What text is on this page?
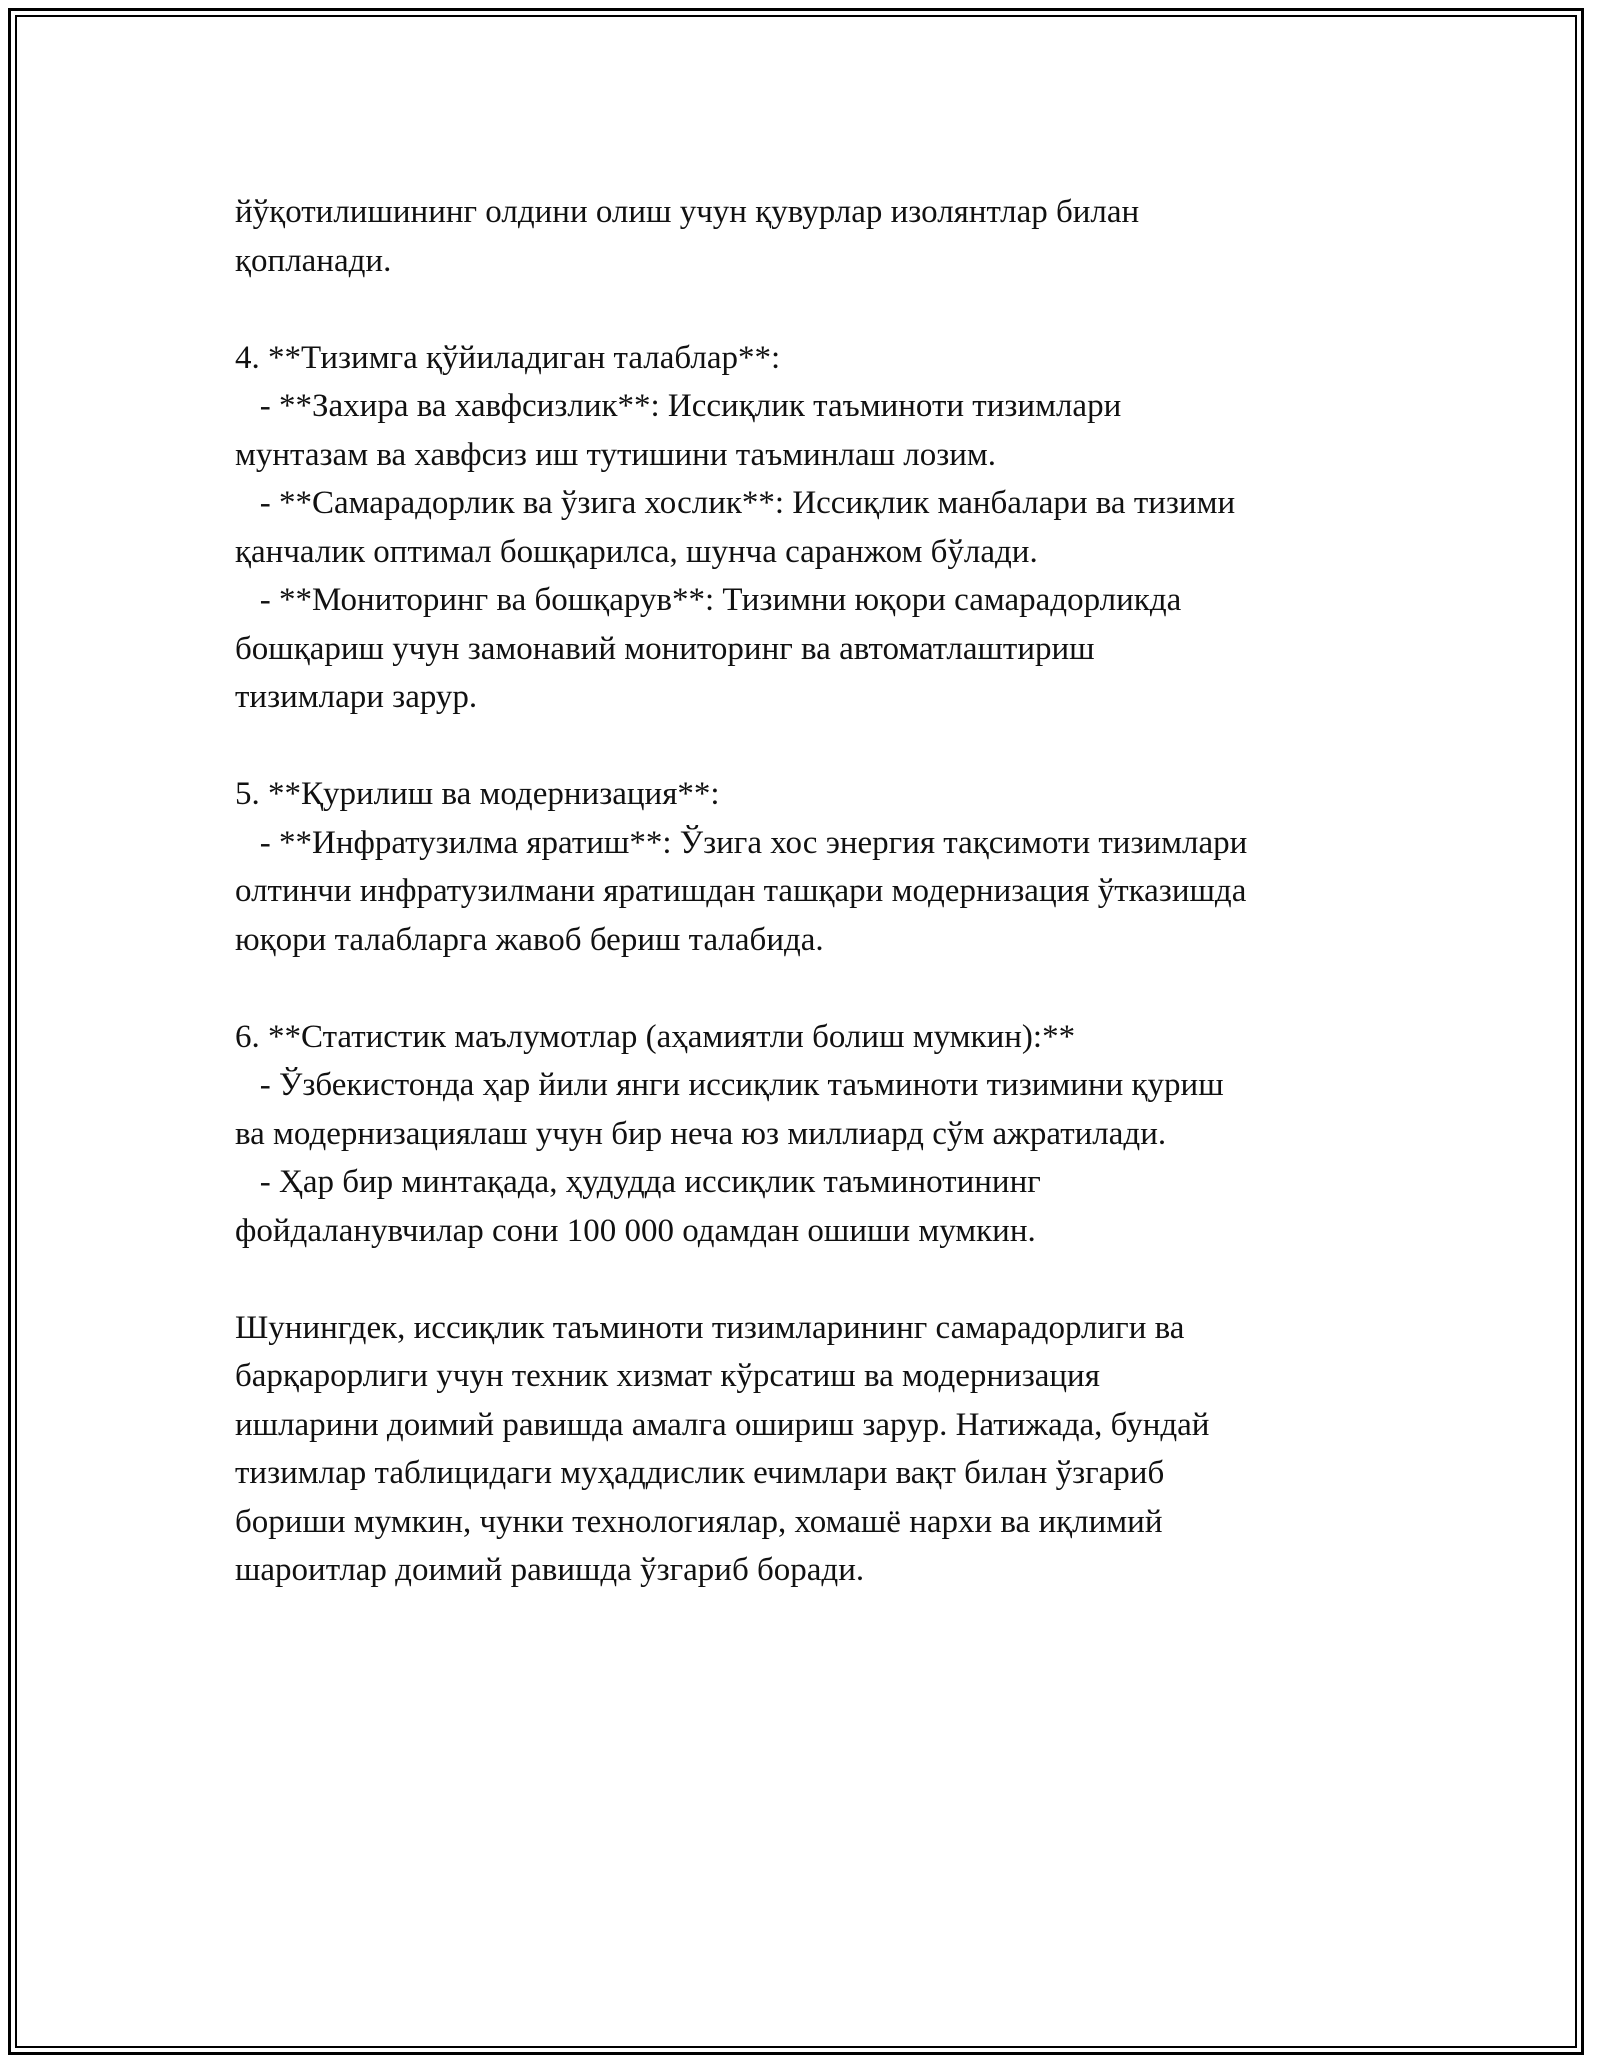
йўқотилишининг олдини олиш учун қувурлар изолянтлар билан
қопланади.
4. **Тизимга қўйиладиган талаблар**:
- **Захира ва хавфсизлик**: Иссиқлик таъминоти тизимлари
мунтазам ва хавфсиз иш тутишини таъминлаш лозим.
- **Самарадорлик ва ўзига хослик**: Иссиқлик манбалари ва тизими
қанчалик оптимал бошқарилса, шунча саранжом бўлади.
- **Мониторинг ва бошқарув**: Тизимни юқори самарадорликда
бошқариш учун замонавий мониторинг ва автоматлаштириш
тизимлари зарур.
5. **Қурилиш ва модернизация**:
- **Инфратузилма яратиш**: Ўзига хос энергия тақсимоти тизимлари
олтинчи инфратузилмани яратишдан ташқари модернизация ўтказишда
юқори талабларга жавоб бериш талабида.
6. **Статистик маълумотлар (аҳамиятли болиш мумкин):**
- Ўзбекистонда ҳар йили янги иссиқлик таъминоти тизимини қуриш
ва модернизациялаш учун бир неча юз миллиард сўм ажратилади.
- Ҳар бир минтақада, ҳудудда иссиқлик таъминотининг
фойдаланувчилар сони 100 000 одамдан ошиши мумкин.
Шунингдек, иссиқлик таъминоти тизимларининг самарадорлиги ва
барқарорлиги учун техник хизмат кўрсатиш ва модернизация
ишларини доимий равишда амалга ошириш зарур. Натижада, бундай
тизимлар таблицидаги муҳаддислик ечимлари вақт билан ўзгариб
бориши мумкин, чунки технологиялар, хомашё нархи ва иқлимий
шароитлар доимий равишда ўзгариб боради.
